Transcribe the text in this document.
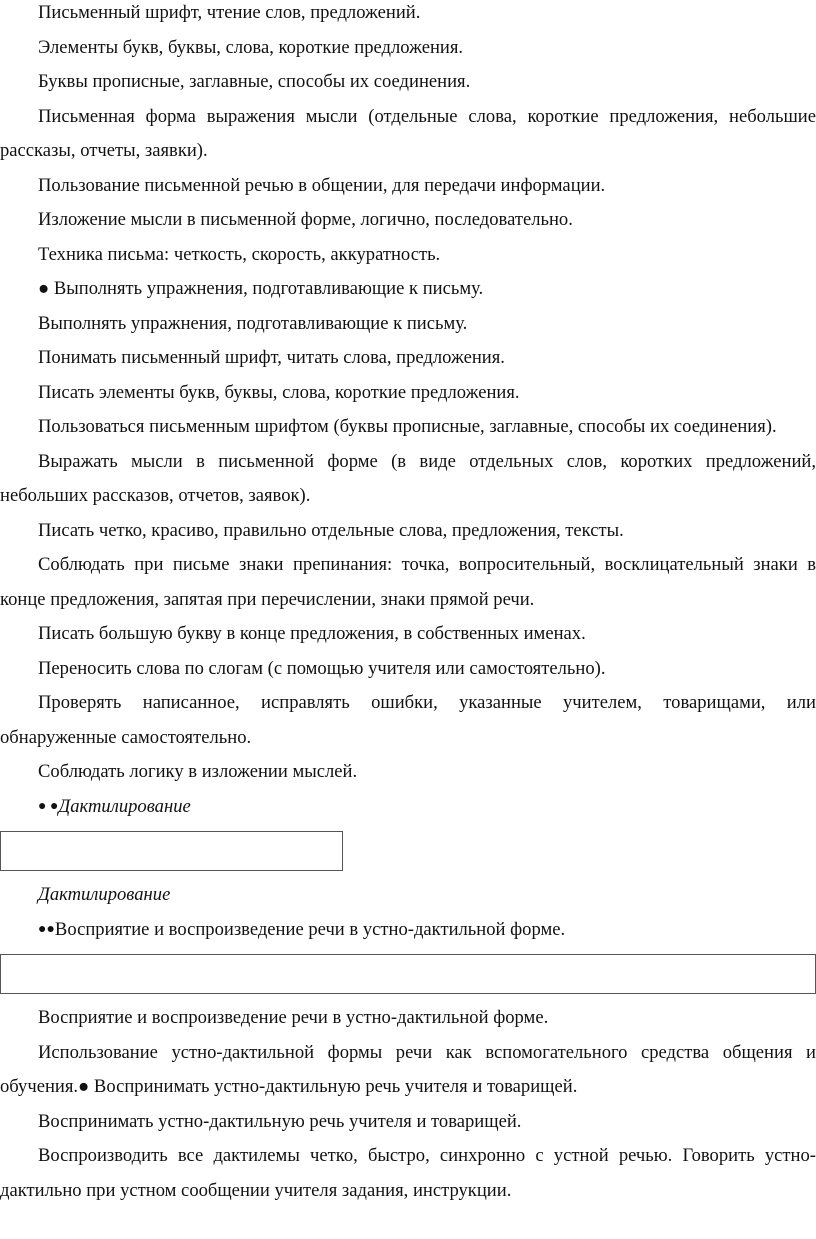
Письменный шрифт, чтение слов, предложений.

Элементы букв, буквы, слова, короткие предложения.

Буквы прописные, заглавные, способы их соединения.

Письменная форма выражения мысли (отдельные слова, короткие предложения, небольшие рассказы, отчеты, заявки).

Пользование письменной речью в общении, для передачи информации.

Изложение мысли в письменной форме, логично, последовательно.

Техника письма: четкость, скорость, аккуратность.

● Выполнять упражнения, подготавливающие к письму.

Выполнять упражнения, подготавливающие к письму.

Понимать письменный шрифт, читать слова, предложения.

Писать элементы букв, буквы, слова, короткие предложения.

Пользоваться письменным шрифтом (буквы прописные, заглавные, способы их соединения).

Выражать мысли в письменной форме (в виде отдельных слов, коротких предложений, небольших рассказов, отчетов, заявок).

Писать четко, красиво, правильно отдельные слова, предложения, тексты.

Соблюдать при письме знаки препинания: точка, вопросительный, восклицательный знаки в конце предложения, запятая при перечислении, знаки прямой речи.

Писать большую букву в конце предложения, в собственных именах.

Переносить слова по слогам (с помощью учителя или самостоятельно).

Проверять написанное, исправлять ошибки, указанные учителем, товарищами, или обнаруженные самостоятельно.

Соблюдать логику в изложении мыслей.

● ●Дактилирование

Дактилирование

●●Восприятие и воспроизведение речи в устно-дактильной форме.

Восприятие и воспроизведение речи в устно-дактильной форме.

Использование устно-дактильной формы речи как вспомогательного средства общения и обучения.● Воспринимать устно-дактильную речь учителя и товарищей.

Воспринимать устно-дактильную речь учителя и товарищей.

Воспроизводить все дактилемы четко, быстро, синхронно с устной речью. Говорить устно-дактильно при устном сообщении учителя задания, инструкции.
